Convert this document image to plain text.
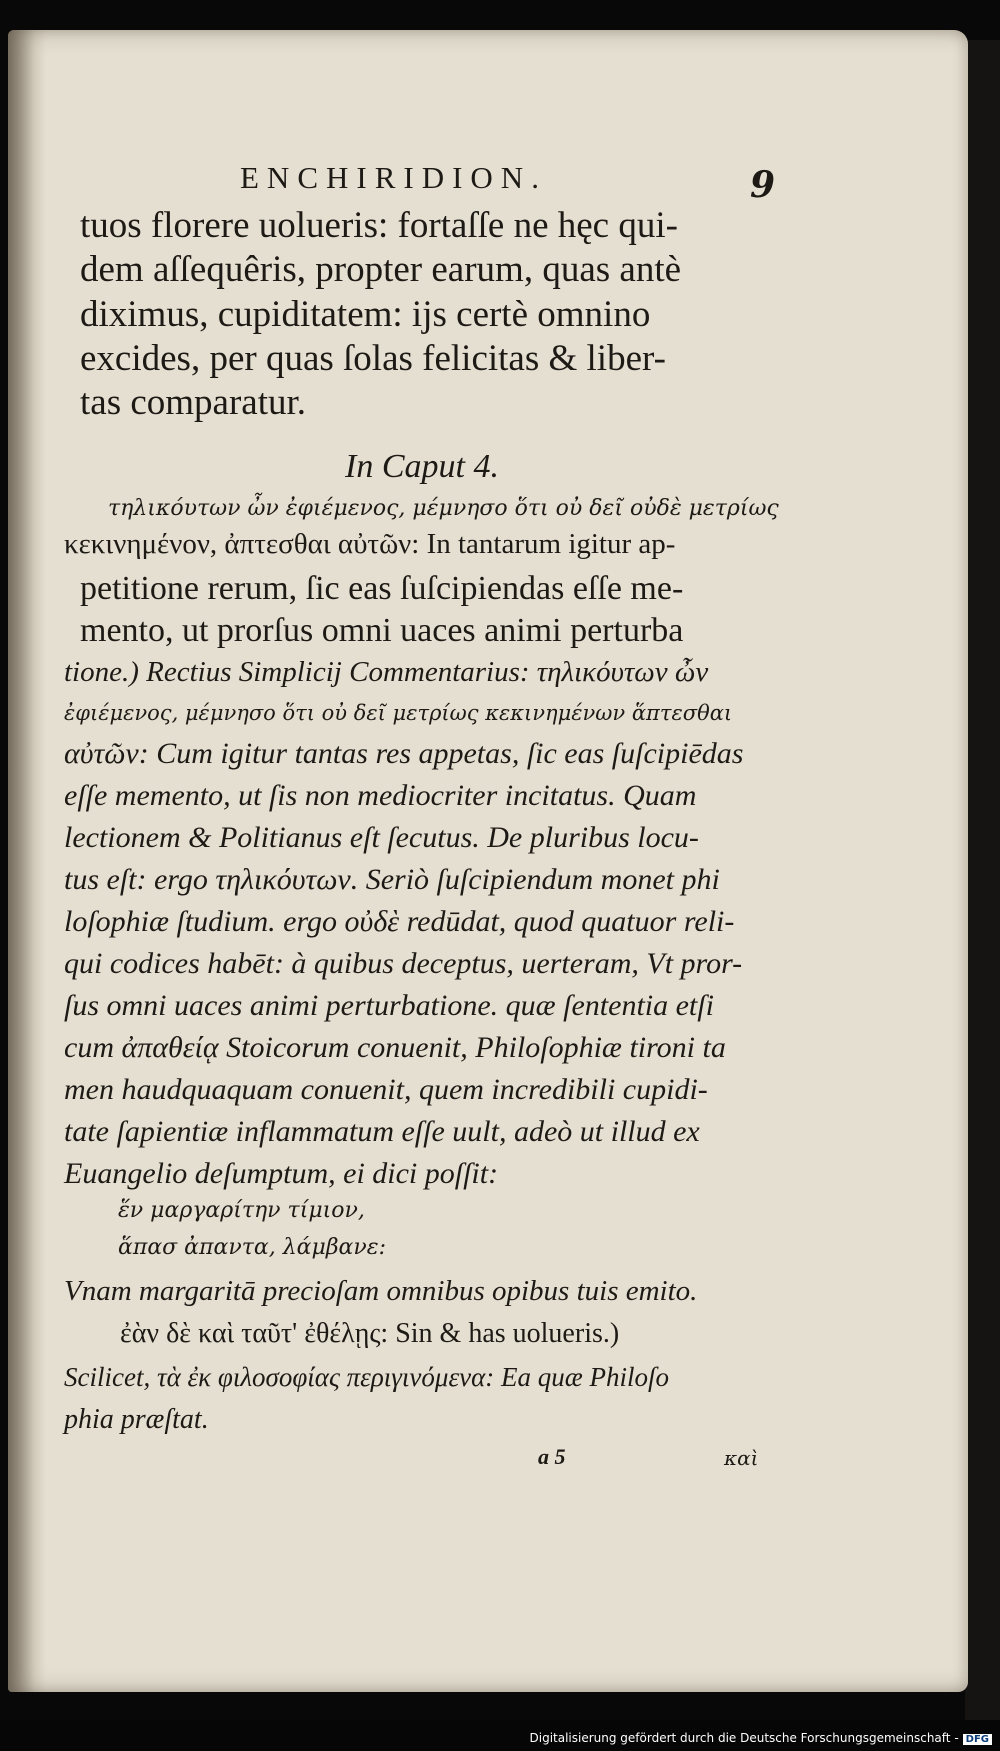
ENCHIRIDION.	9
tuos florere uolueris: fortaſſe ne hęc qui-
dem aſſequêris, propter earum, quas antè
diximus, cupiditatem: ijs certè omnino
excides, per quas ſolas felicitas & liber-
tas comparatur.
In Caput 4.
τηλικόυτων ὦν ἐφιέμενος, μέμνησο ὅτι οὐ δεῖ οὐδὲ μετρίως
κεκινημένον, ἀπτεσθαι αὐτῶν: In tantarum igitur ap-
petitione rerum, ſic eas ſuſcipiendas eſſe me-
mento, ut prorſus omni uaces animi perturba
tione.) Rectius Simplicij Commentarius: τηλικόυτων ὦν
ἐφιέμενος, μέμνησο ὅτι οὐ δεῖ μετρίως κεκινημένων ἅπτεσθαι
αὐτῶν: Cum igitur tantas res appetas, ſic eas ſuſcipiēdas
eſſe memento, ut ſis non mediocriter incitatus. Quam
lectionem & Politianus eſt ſecutus. De pluribus locu-
tus eſt: ergo τηλικόυτων. Seriò ſuſcipiendum monet phi
loſophiæ ſtudium. ergo οὐδὲ redūdat, quod quatuor reli-
qui codices habēt: à quibus deceptus, uerteram, Vt pror-
ſus omni uaces animi perturbatione. quæ ſententia etſi
cum ἀπαθείᾳ Stoicorum conuenit, Philoſophiæ tironi ta
men haudquaquam conuenit, quem incredibili cupidi-
tate ſapientiæ inflammatum eſſe uult, adeò ut illud ex
Euangelio deſumptum, ei dici poſſit:
ἕν μαργαρίτην τίμιον,
ἅπασ ἀπαντα, λάμβανε:
Vnam margaritā precioſam omnibus opibus tuis emito.
ἐὰν δὲ καὶ ταῦτ' ἐθέλῃς: Sin & has uolueris.)
Scilicet, τὰ ἐκ φιλοσοφίας περιγινόμενα: Ea quæ Philoſo
phia præſtat.
a 5	καὶ
Digitalisierung gefördert durch die Deutsche Forschungsgemeinschaft - DFG
